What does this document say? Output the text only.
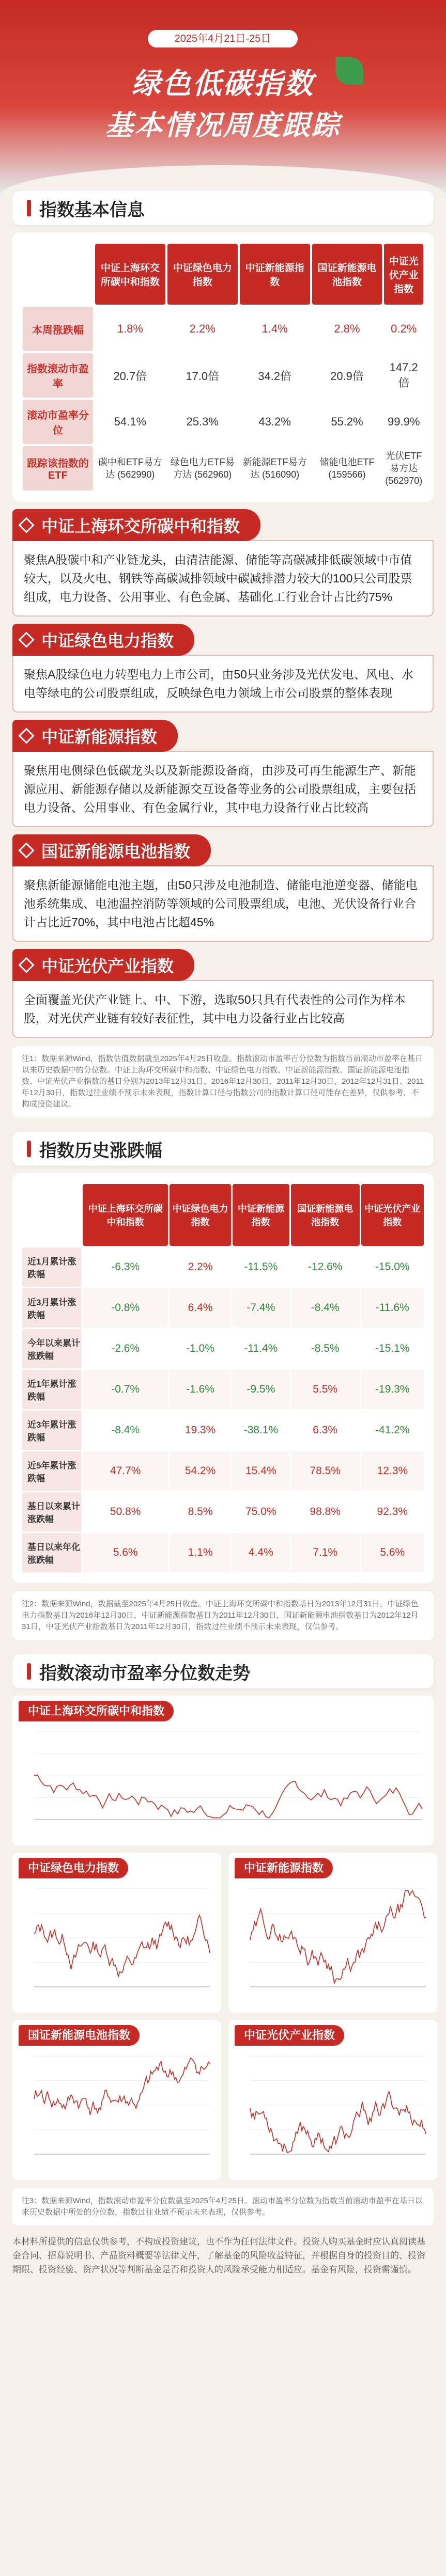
2025年4月21日-25日
绿色低碳指数
基本情况周度跟踪
指数基本信息
	中证上海环交所碳中和指数	中证绿色电力指数	中证新能源指数	国证新能源电池指数	中证光伏产业指数
本周涨跌幅	1.8%	2.2%	1.4%	2.8%	0.2%
指数滚动市盈率	20.7倍	17.0倍	34.2倍	20.9倍	147.2倍
滚动市盈率分位	54.1%	25.3%	43.2%	55.2%	99.9%
跟踪该指数的ETF	碳中和ETF易方达 (562990)	绿色电力ETF易方达 (562960)	新能源ETF易方达 (516090)	储能电池ETF (159566)	光伏ETF易方达 (562970)
中证上海环交所碳中和指数
聚焦A股碳中和产业链龙头，由清洁能源、储能等高碳减排低碳领域中市值较大，以及火电、钢铁等高碳减排领域中碳减排潜力较大的100只公司股票组成，电力设备、公用事业、有色金属、基础化工行业合计占比约75%
中证绿色电力指数
聚焦A股绿色电力转型电力上市公司，由50只业务涉及光伏发电、风电、水电等绿电的公司股票组成，反映绿色电力领域上市公司股票的整体表现
中证新能源指数
聚焦用电侧绿色低碳龙头以及新能源设备商，由涉及可再生能源生产、新能源应用、新能源存储以及新能源交互设备等业务的公司股票组成，主要包括电力设备、公用事业、有色金属行业，其中电力设备行业占比较高
国证新能源电池指数
聚焦新能源储能电池主题，由50只涉及电池制造、储能电池逆变器、储能电池系统集成、电池温控消防等领域的公司股票组成，电池、光伏设备行业合计占比近70%，其中电池占比超45%
中证光伏产业指数
全面覆盖光伏产业链上、中、下游，选取50只具有代表性的公司作为样本股，对光伏产业链有较好表征性，其中电力设备行业占比较高
注1：数据来源Wind，指数估值数据截至2025年4月25日收盘。指数滚动市盈率百分位数为指数当前滚动市盈率在基日以来历史数据中的分位数。中证上海环交所碳中和指数、中证绿色电力指数、中证新能源指数、国证新能源电池指数、中证光伏产业指数的基日分别为2013年12月31日、2016年12月30日、2011年12月30日、2012年12月31日、2011年12月30日，指数过往业绩不预示未来表现，指数计算口径与指数公司的指数计算口径可能存在差异，仅供参考，不构成投资建议。
指数历史涨跌幅
	中证上海环交所碳中和指数	中证绿色电力指数	中证新能源指数	国证新能源电池指数	中证光伏产业指数
近1月累计涨跌幅	-6.3%	2.2%	-11.5%	-12.6%	-15.0%
近3月累计涨跌幅	-0.8%	6.4%	-7.4%	-8.4%	-11.6%
今年以来累计涨跌幅	-2.6%	-1.0%	-11.4%	-8.5%	-15.1%
近1年累计涨跌幅	-0.7%	-1.6%	-9.5%	5.5%	-19.3%
近3年累计涨跌幅	-8.4%	19.3%	-38.1%	6.3%	-41.2%
近5年累计涨跌幅	47.7%	54.2%	15.4%	78.5%	12.3%
基日以来累计涨跌幅	50.8%	8.5%	75.0%	98.8%	92.3%
基日以来年化涨跌幅	5.6%	1.1%	4.4%	7.1%	5.6%
注2：数据来源Wind，数据截至2025年4月25日收盘。中证上海环交所碳中和指数基日为2013年12月31日，中证绿色电力指数基日为2016年12月30日，中证新能源指数基日为2011年12月30日，国证新能源电池指数基日为2012年12月31日，中证光伏产业指数基日为2011年12月30日，指数过往业绩不预示未来表现，仅供参考。
指数滚动市盈率分位数走势
中证上海环交所碳中和指数
中证绿色电力指数	中证新能源指数
国证新能源电池指数	中证光伏产业指数
注3：数据来源Wind，指数滚动市盈率分位数截至2025年4月25日。滚动市盈率分位数为指数当前滚动市盈率在基日以来历史数据中所处的分位数，指数过往业绩不预示未来表现，仅供参考。
本材料所提供的信息仅供参考，不构成投资建议，也不作为任何法律文件。投资人购买基金时应认真阅读基金合同、招募说明书、产品资料概要等法律文件，了解基金的风险收益特征，并根据自身的投资目的、投资期限、投资经验、资产状况等判断基金是否和投资人的风险承受能力相适应。基金有风险，投资需谨慎。
